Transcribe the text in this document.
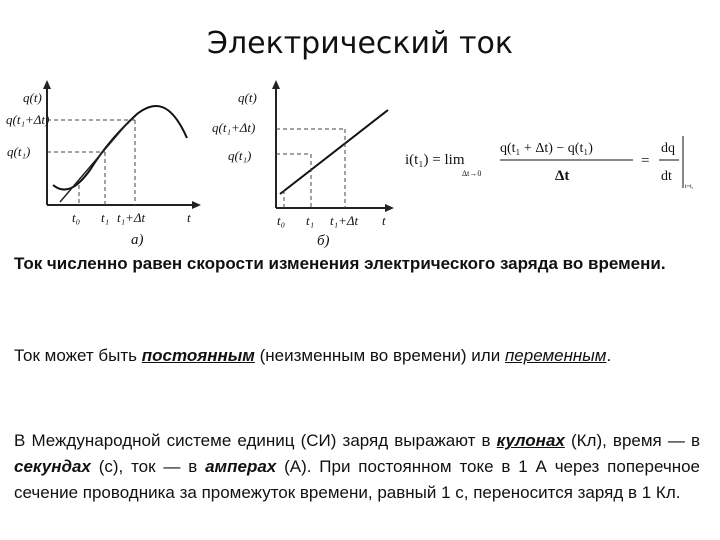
Электрический ток
q(t)
q(t₁+Δt)
q(t₁)
t₀ t₁ t₁+Δt	t
а)
q(t)
q(t₁+Δt)
q(t₁)
t₀ t₁ t₁+Δt t
б)
i(t₁) = lim
Δt→0
q(t₁ + Δt) − q(t₁)
Δt
=
dq
dt
t=t₁
Ток численно равен скорости изменения электрического заряда во времени.
Ток может быть постоянным (неизменным во времени) или переменным.
В Международной системе единиц (СИ) заряд выражают в кулонах (Кл), время — в секундах (с), ток — в амперах (А). При постоянном токе в 1 А через поперечное сечение проводника за промежуток времени, равный 1 с, переносится заряд в 1 Кл.
